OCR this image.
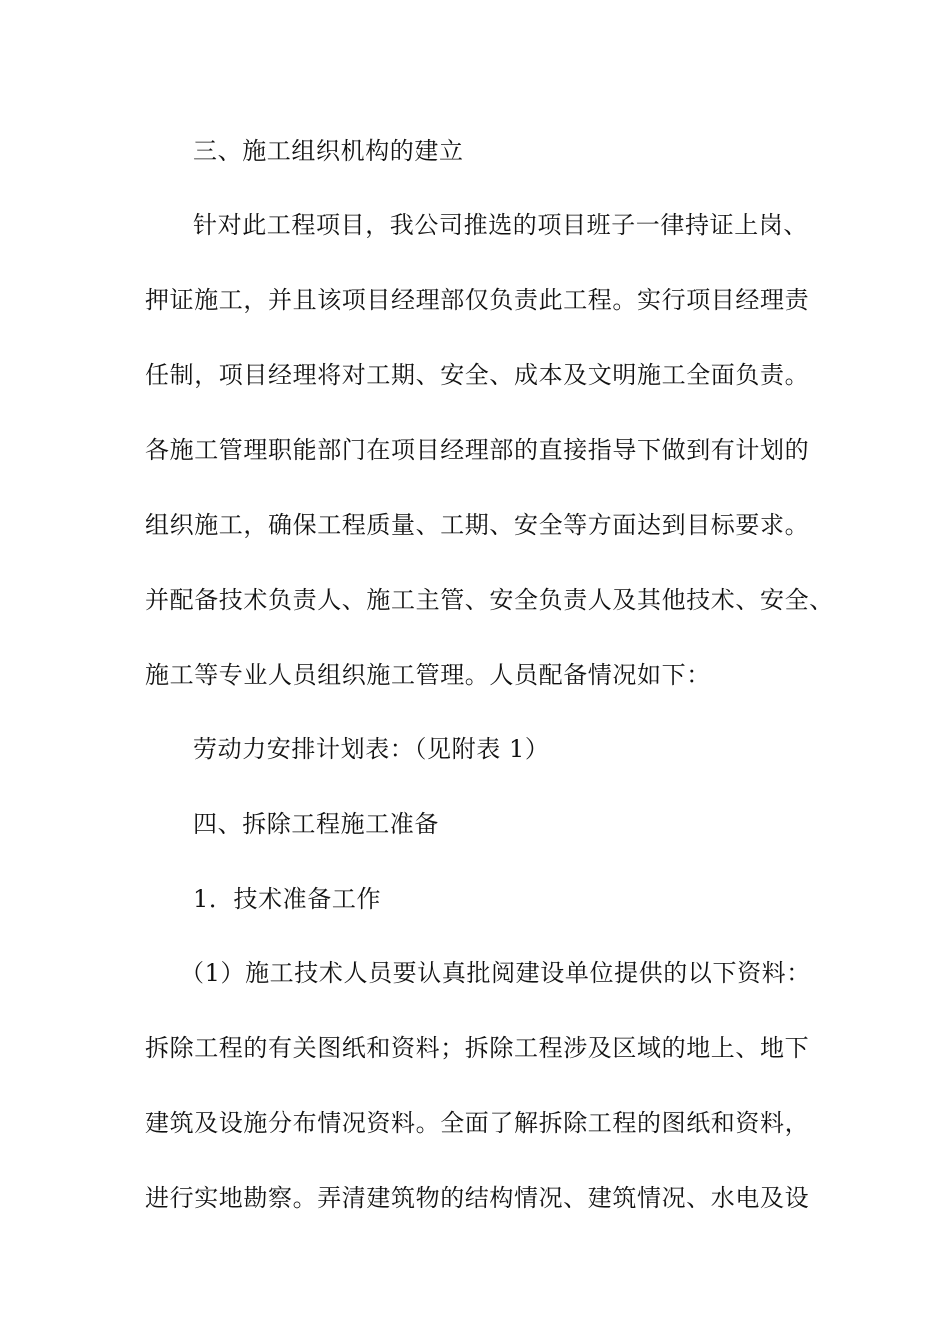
三、施工组织机构的建立
针对此工程项目，我公司推选的项目班子一律持证上岗、
押证施工，并且该项目经理部仅负责此工程。实行项目经理责
任制，项目经理将对工期、安全、成本及文明施工全面负责。
各施工管理职能部门在项目经理部的直接指导下做到有计划的
组织施工，确保工程质量、工期、安全等方面达到目标要求。
并配备技术负责人、施工主管、安全负责人及其他技术、安全、
施工等专业人员组织施工管理。人员配备情况如下：
劳动力安排计划表：（见附表 1）
四、拆除工程施工准备
1．技术准备工作
（1）施工技术人员要认真批阅建设单位提供的以下资料：
拆除工程的有关图纸和资料；拆除工程涉及区域的地上、地下
建筑及设施分布情况资料。全面了解拆除工程的图纸和资料，
进行实地勘察。弄清建筑物的结构情况、建筑情况、水电及设
